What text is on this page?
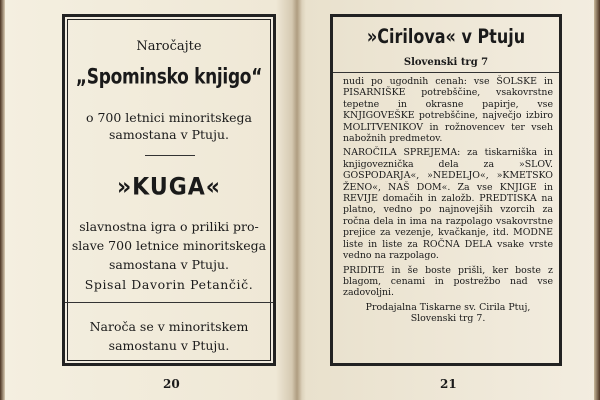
Naročajte
„Spominsko knjigo“
o 700 letnici minoritskega
samostana v Ptuju.
»KUGA«
slavnostna igra o priliki pro-
slave 700 letnice minoritskega
samostana v Ptuju.
Spisal Davorin Petančič.
Naroča se v minoritskem
samostanu v Ptuju.
20
»Cirilova« v Ptuju
Slovenski trg 7

nudi po ugodnih cenah: vse ŠOLSKE in PISARNIŠKE potrebščine, vsakovrstne tepetne in okrasne papirje, vse KNJIGOVEŠKE potrebščine, največjo izbiro MOLITVENIKOV in rožnovencev ter vseh nabožnih predmetov.

NAROČILA SPREJEMA: za tiskarniška in knjigoveznička dela za »SLOV. GOSPODARJA«, »NEDELJO«, »KMETSKO ŽENO«, NAŠ DOM«. Za vse KNJIGE in REVIJE domačih in založb. PREDTISKA na platno, vedno po najnovejših vzorcih za ročna dela in ima na razpolago vsakovrstne prejice za vezenje, kvačkanje, itd. MODNE liste in liste za ROČNA DELA vsake vrste vedno na razpolago.

PRIDITE in še boste prišli, ker boste z blagom, cenami in postrežbo nad vse zadovoljni.

Prodajalna Tiskarne sv. Cirila Ptuj,
Slovenski trg 7.

21
